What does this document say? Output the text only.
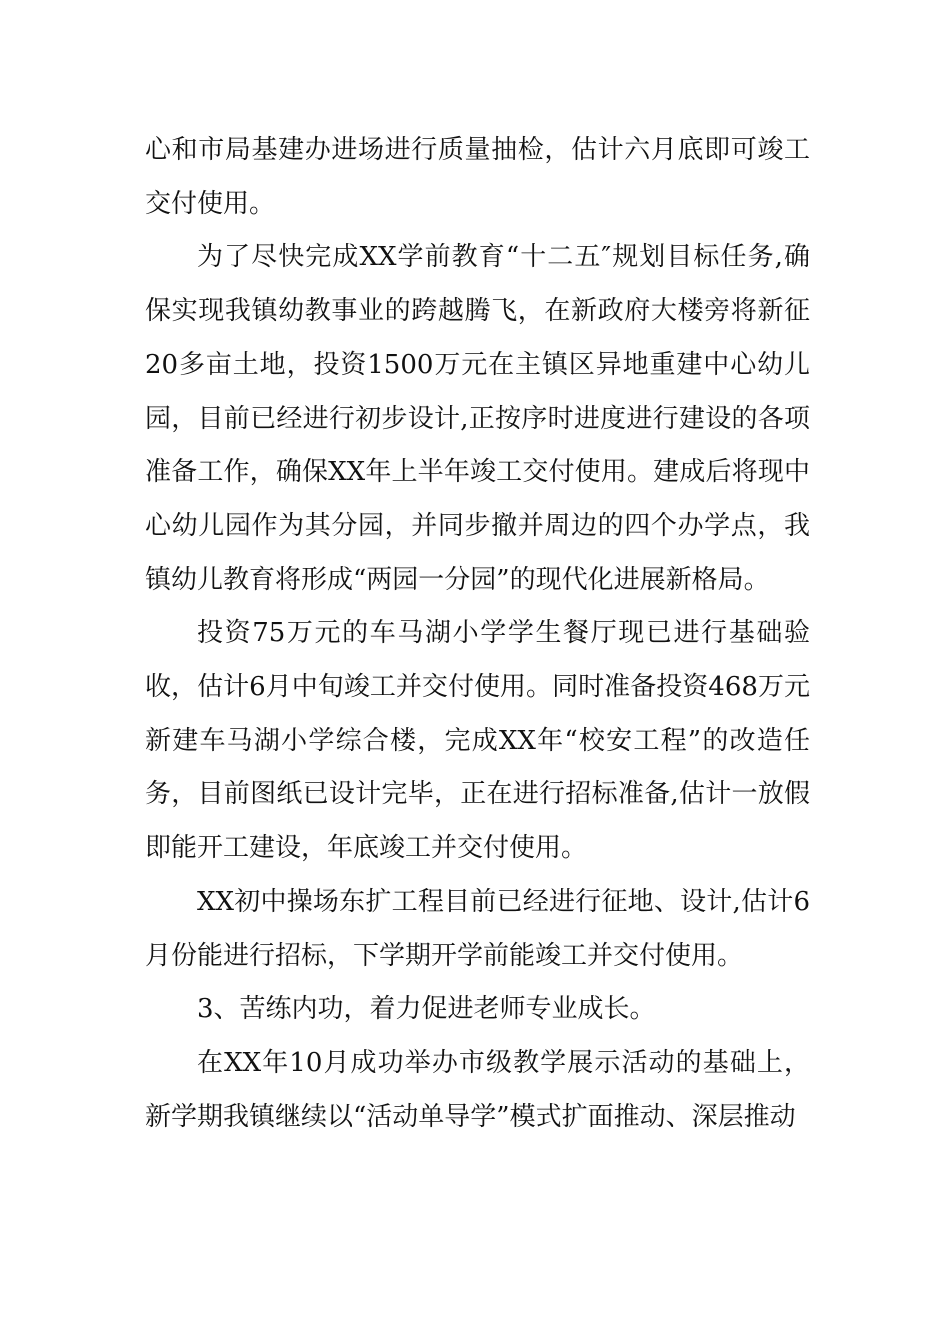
心和市局基建办进场进行质量抽检，估计六月底即可竣工交付使用。

为了尽快完成XX学前教育“十二五″规划目标任务,确保实现我镇幼教事业的跨越腾飞，在新政府大楼旁将新征20多亩土地，投资1500万元在主镇区异地重建中心幼儿园，目前已经进行初步设计,正按序时进度进行建设的各项准备工作，确保XX年上半年竣工交付使用。建成后将现中心幼儿园作为其分园，并同步撤并周边的四个办学点，我镇幼儿教育将形成“两园一分园”的现代化进展新格局。

投资75万元的车马湖小学学生餐厅现已进行基础验收，估计6月中旬竣工并交付使用。同时准备投资468万元新建车马湖小学综合楼，完成XX年“校安工程”的改造任务，目前图纸已设计完毕，正在进行招标准备,估计一放假即能开工建设，年底竣工并交付使用。

XX初中操场东扩工程目前已经进行征地、设计,估计6月份能进行招标，下学期开学前能竣工并交付使用。

3、苦练内功，着力促进老师专业成长。

在XX年10月成功举办市级教学展示活动的基础上，新学期我镇继续以“活动单导学”模式扩面推动、深层推动
